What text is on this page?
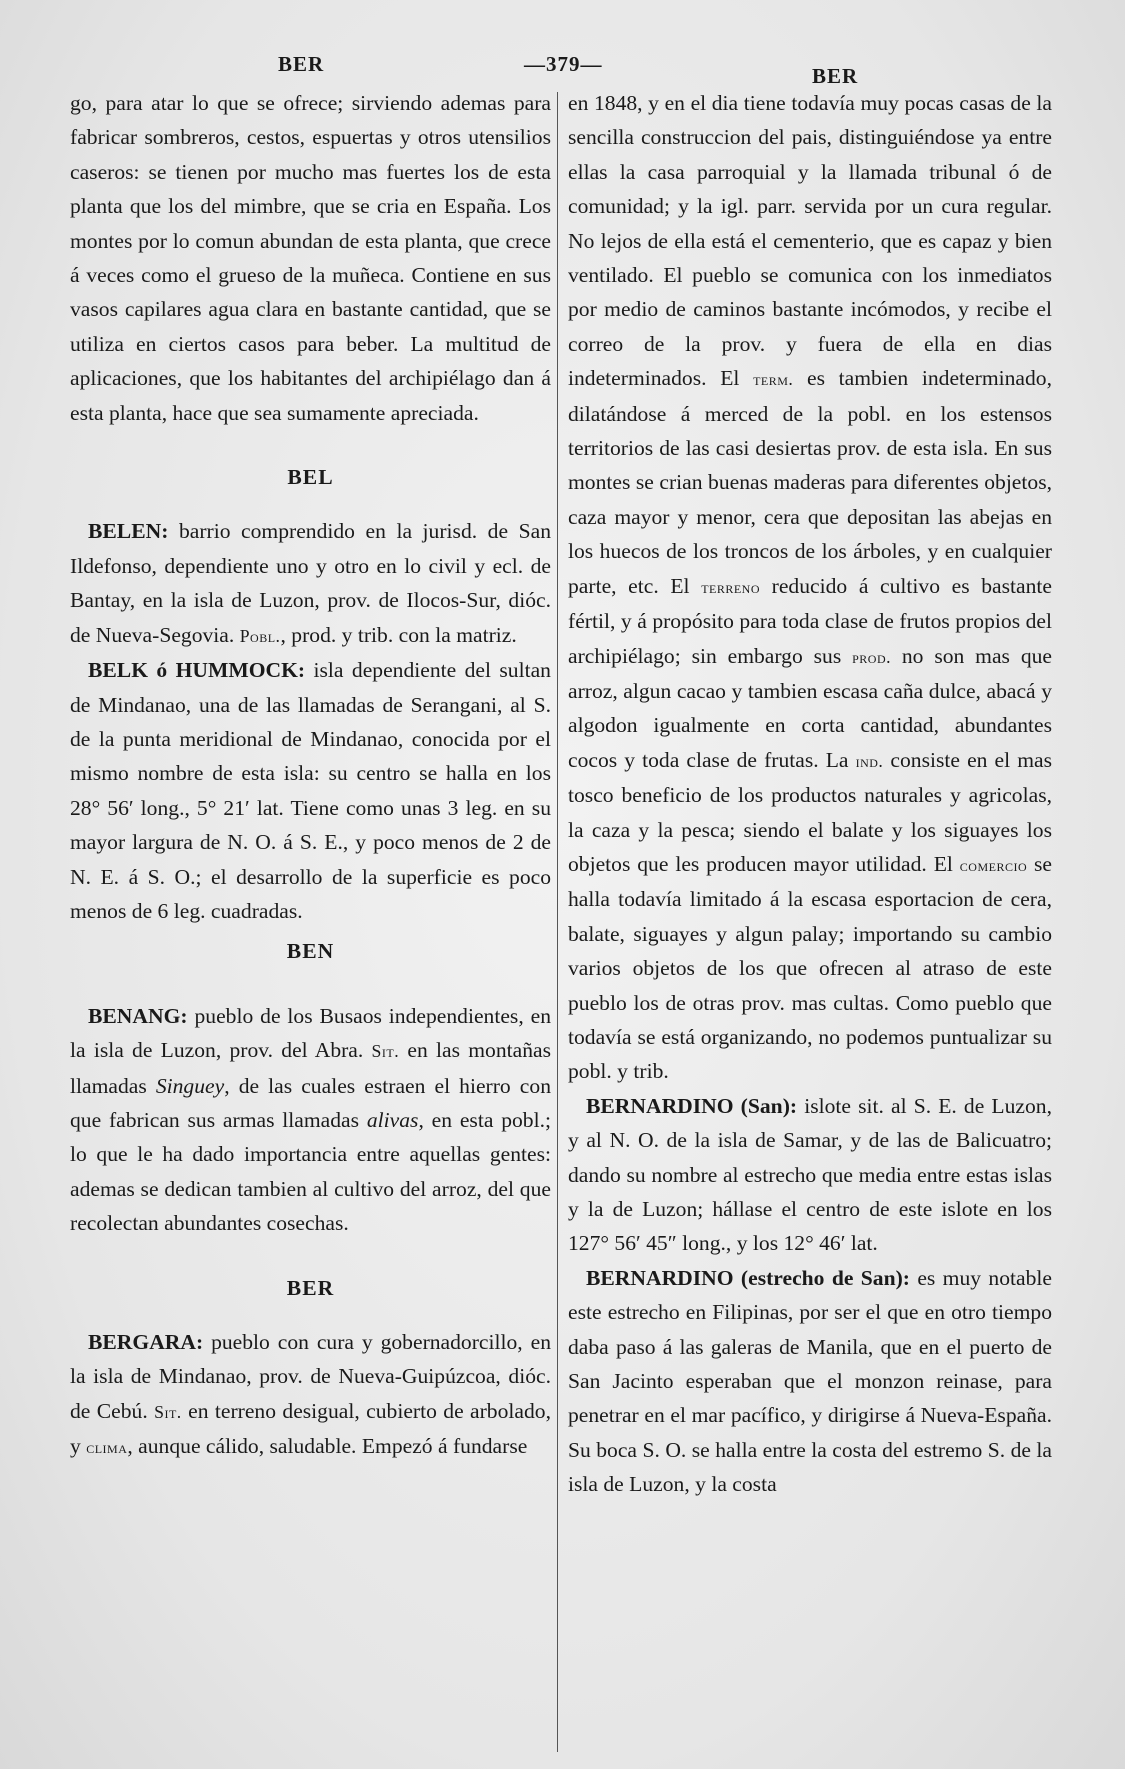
BER	—379—	BER

go, para atar lo que se ofrece; sirviendo ademas para fabricar sombreros, cestos, espuertas y otros utensilios caseros: se tienen por mucho mas fuertes los de esta planta que los del mimbre, que se cria en España. Los montes por lo comun abundan de esta planta, que crece á veces como el grueso de la muñeca. Contiene en sus vasos capilares agua clara en bastante cantidad, que se utiliza en ciertos casos para beber. La multitud de aplicaciones, que los habitantes del archipiélago dan á esta planta, hace que sea sumamente apreciada.

BEL

BELEN: barrio comprendido en la jurisd. de San Ildefonso, dependiente uno y otro en lo civil y ecl. de Bantay, en la isla de Luzon, prov. de Ilocos-Sur, dióc. de Nueva-Segovia. Pobl., prod. y trib. con la matriz.

BELK ó HUMMOCK: isla dependiente del sultan de Mindanao, una de las llamadas de Serangani, al S. de la punta meridional de Mindanao, conocida por el mismo nombre de esta isla: su centro se halla en los 28° 56′ long., 5° 21′ lat. Tiene como unas 3 leg. en su mayor largura de N. O. á S. E., y poco menos de 2 de N. E. á S. O.; el desarrollo de la superficie es poco menos de 6 leg. cuadradas.

BEN

BENANG: pueblo de los Busaos independientes, en la isla de Luzon, prov. del Abra. Sit. en las montañas llamadas Singuey, de las cuales estraen el hierro con que fabrican sus armas llamadas alivas, en esta pobl.; lo que le ha dado importancia entre aquellas gentes: ademas se dedican tambien al cultivo del arroz, del que recolectan abundantes cosechas.

BER

BERGARA: pueblo con cura y gobernadorcillo, en la isla de Mindanao, prov. de Nueva-Guipúzcoa, dióc. de Cebú. Sit. en terreno desigual, cubierto de arbolado, y clima, aunque cálido, saludable. Empezó á fundarse

en 1848, y en el dia tiene todavía muy pocas casas de la sencilla construccion del pais, distinguiéndose ya entre ellas la casa parroquial y la llamada tribunal ó de comunidad; y la igl. parr. servida por un cura regular. No lejos de ella está el cementerio, que es capaz y bien ventilado. El pueblo se comunica con los inmediatos por medio de caminos bastante incómodos, y recibe el correo de la prov. y fuera de ella en dias indeterminados. El term. es tambien indeterminado, dilatándose á merced de la pobl. en los estensos territorios de las casi desiertas prov. de esta isla. En sus montes se crian buenas maderas para diferentes objetos, caza mayor y menor, cera que depositan las abejas en los huecos de los troncos de los árboles, y en cualquier parte, etc. El terreno reducido á cultivo es bastante fértil, y á propósito para toda clase de frutos propios del archipiélago; sin embargo sus prod. no son mas que arroz, algun cacao y tambien escasa caña dulce, abacá y algodon igualmente en corta cantidad, abundantes cocos y toda clase de frutas. La ind. consiste en el mas tosco beneficio de los productos naturales y agricolas, la caza y la pesca; siendo el balate y los siguayes los objetos que les producen mayor utilidad. El comercio se halla todavía limitado á la escasa esportacion de cera, balate, siguayes y algun palay; importando su cambio varios objetos de los que ofrecen al atraso de este pueblo los de otras prov. mas cultas. Como pueblo que todavía se está organizando, no podemos puntualizar su pobl. y trib.

BERNARDINO (San): islote sit. al S. E. de Luzon, y al N. O. de la isla de Samar, y de las de Balicuatro; dando su nombre al estrecho que media entre estas islas y la de Luzon; hállase el centro de este islote en los 127° 56′ 45″ long., y los 12° 46′ lat.

BERNARDINO (estrecho de San): es muy notable este estrecho en Filipinas, por ser el que en otro tiempo daba paso á las galeras de Manila, que en el puerto de San Jacinto esperaban que el monzon reinase, para penetrar en el mar pacífico, y dirigirse á Nueva-España. Su boca S. O. se halla entre la costa del estremo S. de la isla de Luzon, y la costa
